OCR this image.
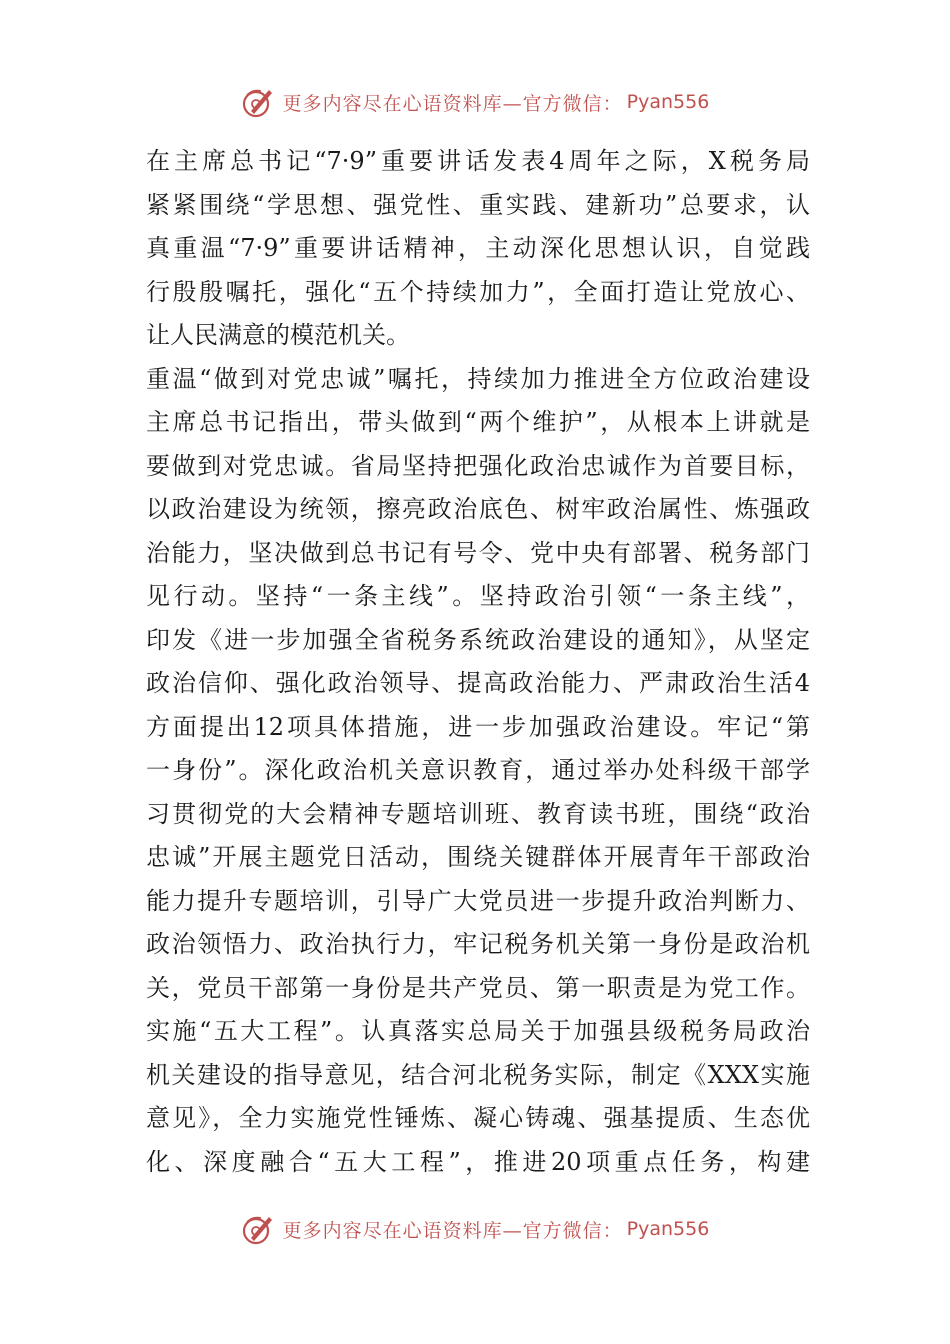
更多内容尽在心语资料库—官方微信： Pyan556
在主席总书记“7·9”重要讲话发表4周年之际，X税务局
紧紧围绕“学思想、强党性、重实践、建新功”总要求，认
真重温“7·9”重要讲话精神，主动深化思想认识，自觉践
行殷殷嘱托，强化“五个持续加力”，全面打造让党放心、
让人民满意的模范机关。
重温“做到对党忠诚”嘱托，持续加力推进全方位政治建设
主席总书记指出，带头做到“两个维护”，从根本上讲就是
要做到对党忠诚。省局坚持把强化政治忠诚作为首要目标，
以政治建设为统领，擦亮政治底色、树牢政治属性、炼强政
治能力，坚决做到总书记有号令、党中央有部署、税务部门
见行动。坚持“一条主线”。坚持政治引领“一条主线”，
印发《进一步加强全省税务系统政治建设的通知》，从坚定
政治信仰、强化政治领导、提高政治能力、严肃政治生活4
方面提出12项具体措施，进一步加强政治建设。牢记“第
一身份”。深化政治机关意识教育，通过举办处科级干部学
习贯彻党的大会精神专题培训班、教育读书班，围绕“政治
忠诚”开展主题党日活动，围绕关键群体开展青年干部政治
能力提升专题培训，引导广大党员进一步提升政治判断力、
政治领悟力、政治执行力，牢记税务机关第一身份是政治机
关，党员干部第一身份是共产党员、第一职责是为党工作。
实施“五大工程”。认真落实总局关于加强县级税务局政治
机关建设的指导意见，结合河北税务实际，制定《XXX实施
意见》，全力实施党性锤炼、凝心铸魂、强基提质、生态优
化、深度融合“五大工程”，推进20项重点任务，构建
更多内容尽在心语资料库—官方微信： Pyan556
